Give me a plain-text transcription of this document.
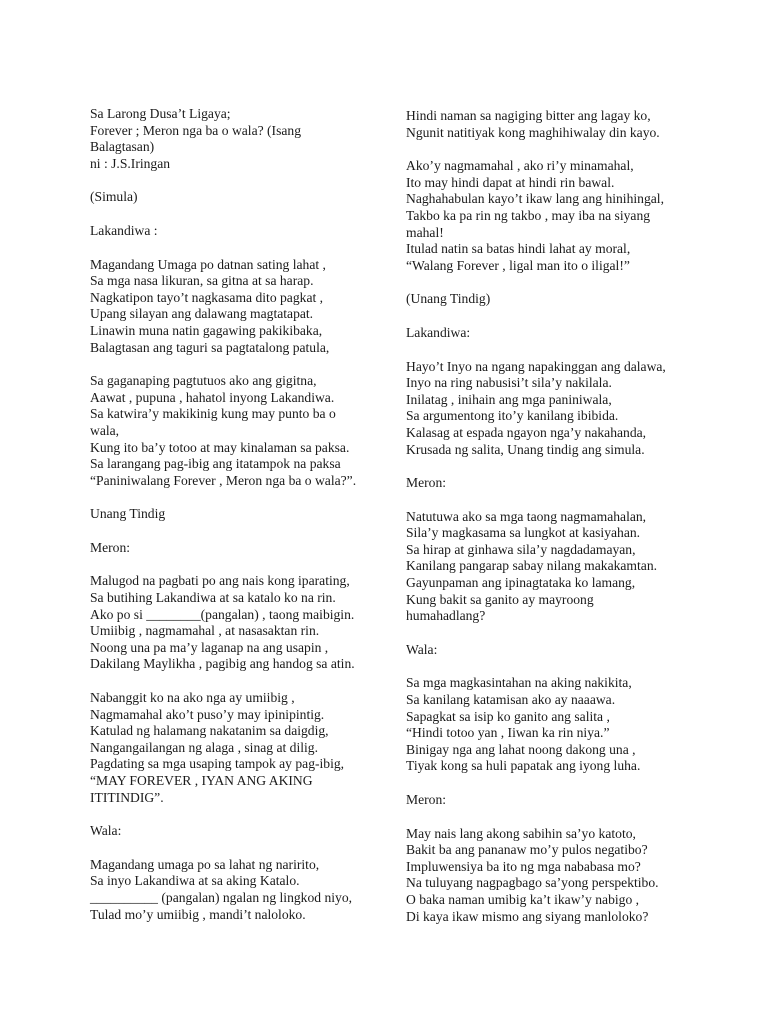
Sa Larong Dusa’t Ligaya;
Forever ; Meron nga ba o wala? (Isang
Balagtasan)
ni : J.S.Iringan
(Simula)
Lakandiwa :
Magandang Umaga po datnan sating lahat ,
Sa mga nasa likuran, sa gitna at sa harap.
Nagkatipon tayo’t nagkasama dito pagkat ,
Upang silayan ang dalawang magtatapat.
Linawin muna natin gagawing pakikibaka,
Balagtasan ang taguri sa pagtatalong patula,
Sa gaganaping pagtutuos ako ang gigitna,
Aawat , pupuna , hahatol inyong Lakandiwa.
Sa katwira’y makikinig kung may punto ba o
wala,
Kung ito ba’y totoo at may kinalaman sa paksa.
Sa larangang pag-ibig ang itatampok na paksa
“Paniniwalang Forever , Meron nga ba o wala?”.
Unang Tindig
Meron:
Malugod na pagbati po ang nais kong iparating,
Sa butihing Lakandiwa at sa katalo ko na rin.
Ako po si ________(pangalan) , taong maibigin.
Umiibig , nagmamahal , at nasasaktan rin.
Noong una pa ma’y laganap na ang usapin ,
Dakilang Maylikha , pagibig ang handog sa atin.
Nabanggit ko na ako nga ay umiibig ,
Nagmamahal ako’t puso’y may ipinipintig.
Katulad ng halamang nakatanim sa daigdig,
Nangangailangan ng alaga , sinag at dilig.
Pagdating sa mga usaping tampok ay pag-ibig,
“MAY FOREVER , IYAN ANG AKING
ITITINDIG”.
Wala:
Magandang umaga po sa lahat ng naririto,
Sa inyo Lakandiwa at sa aking Katalo.
__________ (pangalan) ngalan ng lingkod niyo,
Tulad mo’y umiibig , mandi’t naloloko.
Hindi naman sa nagiging bitter ang lagay ko,
Ngunit natitiyak kong maghihiwalay din kayo.
Ako’y nagmamahal , ako ri’y minamahal,
Ito may hindi dapat at hindi rin bawal.
Naghahabulan kayo’t ikaw lang ang hinihingal,
Takbo ka pa rin ng takbo , may iba na siyang
mahal!
Itulad natin sa batas hindi lahat ay moral,
“Walang Forever , ligal man ito o iligal!”
(Unang Tindig)
Lakandiwa:
Hayo’t Inyo na ngang napakinggan ang dalawa,
Inyo na ring nabusisi’t sila’y nakilala.
Inilatag , inihain ang mga paniniwala,
Sa argumentong ito’y kanilang ibibida.
Kalasag at espada ngayon nga’y nakahanda,
Krusada ng salita, Unang tindig ang simula.
Meron:
Natutuwa ako sa mga taong nagmamahalan,
Sila’y magkasama sa lungkot at kasiyahan.
Sa hirap at ginhawa sila’y nagdadamayan,
Kanilang pangarap sabay nilang makakamtan.
Gayunpaman ang ipinagtataka ko lamang,
Kung bakit sa ganito ay mayroong
humahadlang?
Wala:
Sa mga magkasintahan na aking nakikita,
Sa kanilang katamisan ako ay naaawa.
Sapagkat sa isip ko ganito ang salita ,
“Hindi totoo yan , Iiwan ka rin niya.”
Binigay nga ang lahat noong dakong una ,
Tiyak kong sa huli papatak ang iyong luha.
Meron:
May nais lang akong sabihin sa’yo katoto,
Bakit ba ang pananaw mo’y pulos negatibo?
Impluwensiya ba ito ng mga nababasa mo?
Na tuluyang nagpagbago sa’yong perspektibo.
O baka naman umibig ka’t ikaw’y nabigo ,
Di kaya ikaw mismo ang siyang manloloko?
